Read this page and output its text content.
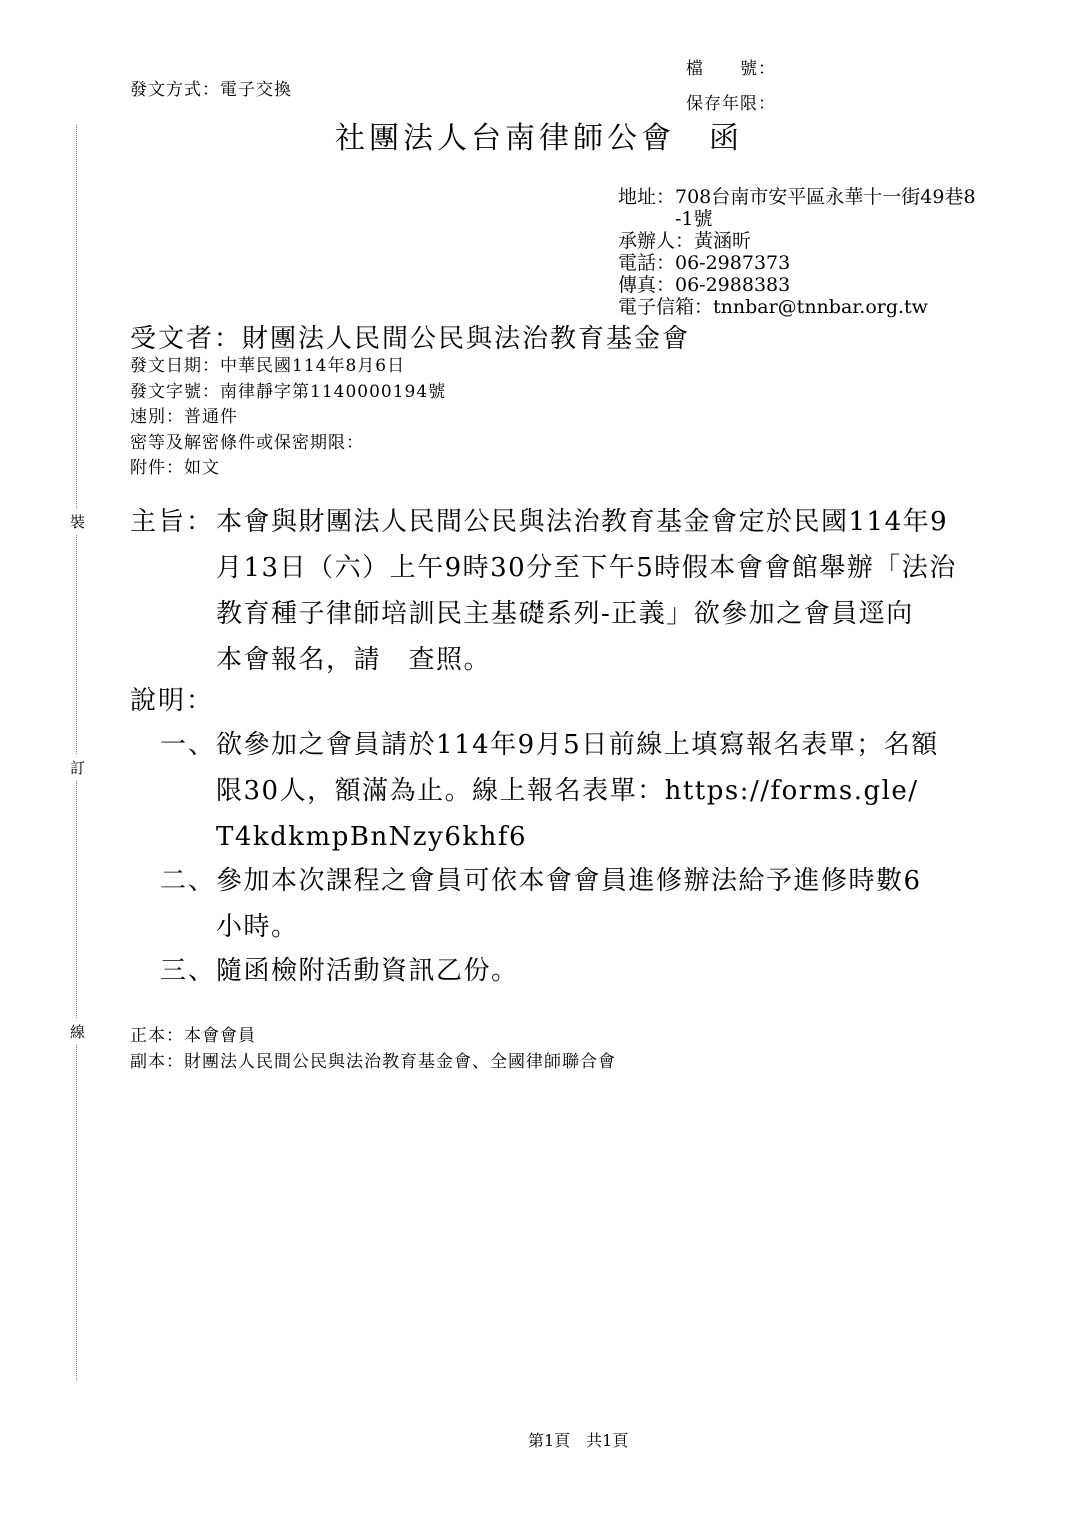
裝
訂
線
檔　　號：
發文方式：電子交換
保存年限：
社團法人台南律師公會　函
地址：708台南市安平區永華十一街49巷8
-1號
承辦人：黃涵昕
電話：06-2987373
傳真：06-2988383
電子信箱：tnnbar@tnnbar.org.tw
受文者：財團法人民間公民與法治教育基金會
發文日期：中華民國114年8月6日
發文字號：南律靜字第1140000194號
速別：普通件
密等及解密條件或保密期限：
附件：如文
主旨： 本會與財團法人民間公民與法治教育基金會定於民國114年9
月13日（六）上午9時30分至下午5時假本會會館舉辦「法治
教育種子律師培訓民主基礎系列-正義」欲參加之會員逕向
本會報名，請　查照。
說明：
一、 欲參加之會員請於114年9月5日前線上填寫報名表單；名額
限30人，額滿為止。線上報名表單：https://forms.gle/
T4kdkmpBnNzy6khf6
二、 參加本次課程之會員可依本會會員進修辦法給予進修時數6
小時。
三、 隨函檢附活動資訊乙份。
正本：本會會員
副本：財團法人民間公民與法治教育基金會、全國律師聯合會
第1頁　共1頁
